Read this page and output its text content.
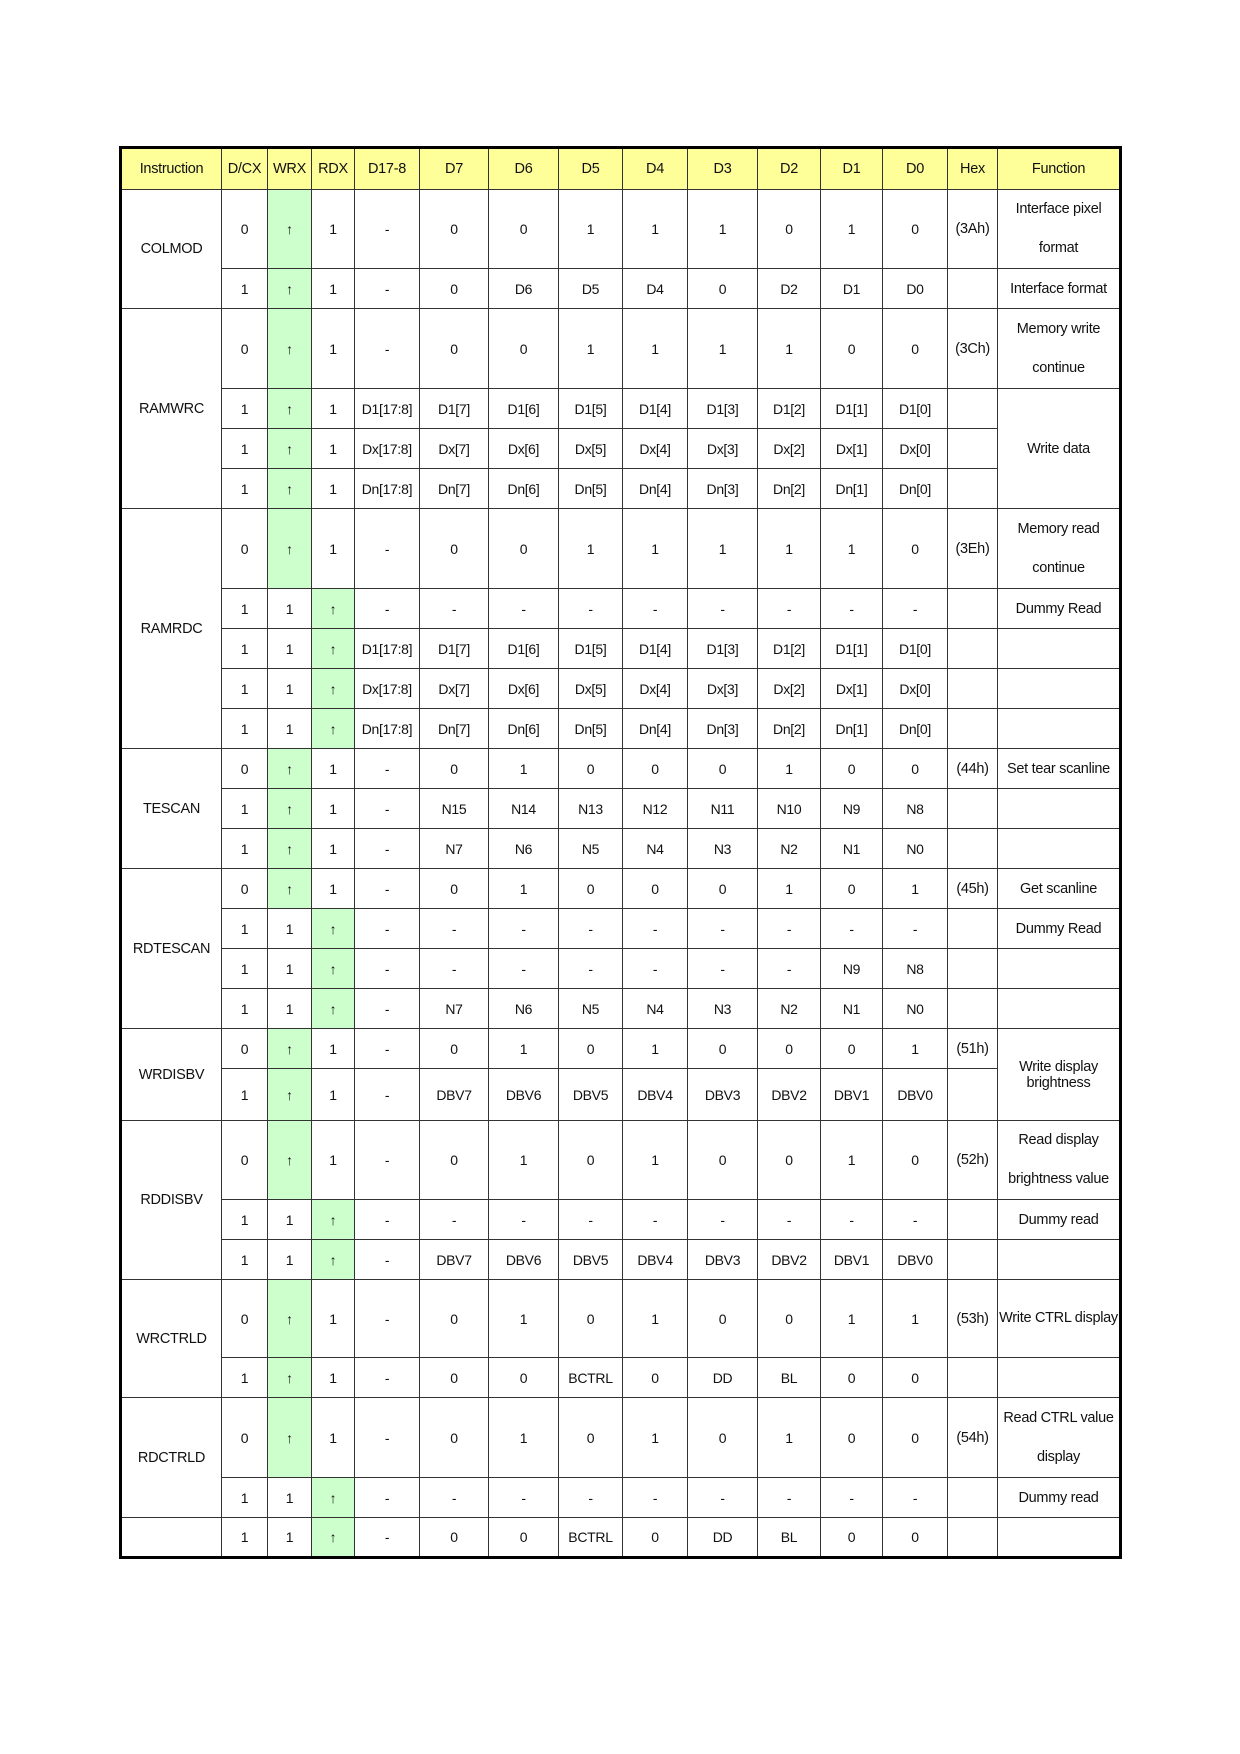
Instruction	D/CX	WRX	RDX	D17-8	D7	D6	D5	D4	D3	D2	D1	D0	Hex	Function
COLMOD	0	↑	1	-	0	0	1	1	1	0	1	0	(3Ah)	Interface pixel format
	1	↑	1	-	0	D6	D5	D4	0	D2	D1	D0		Interface format
RAMWRC	0	↑	1	-	0	0	1	1	1	1	0	0	(3Ch)	Memory write continue
	1	↑	1	D1[17:8]	D1[7]	D1[6]	D1[5]	D1[4]	D1[3]	D1[2]	D1[1]	D1[0]		Write data
	1	↑	1	Dx[17:8]	Dx[7]	Dx[6]	Dx[5]	Dx[4]	Dx[3]	Dx[2]	Dx[1]	Dx[0]		
	1	↑	1	Dn[17:8]	Dn[7]	Dn[6]	Dn[5]	Dn[4]	Dn[3]	Dn[2]	Dn[1]	Dn[0]		
RAMRDC	0	↑	1	-	0	0	1	1	1	1	1	0	(3Eh)	Memory read continue
	1	1	↑	-	-	-	-	-	-	-	-	-		Dummy Read
	1	1	↑	D1[17:8]	D1[7]	D1[6]	D1[5]	D1[4]	D1[3]	D1[2]	D1[1]	D1[0]		
	1	1	↑	Dx[17:8]	Dx[7]	Dx[6]	Dx[5]	Dx[4]	Dx[3]	Dx[2]	Dx[1]	Dx[0]		
	1	1	↑	Dn[17:8]	Dn[7]	Dn[6]	Dn[5]	Dn[4]	Dn[3]	Dn[2]	Dn[1]	Dn[0]		
TESCAN	0	↑	1	-	0	1	0	0	0	1	0	0	(44h)	Set tear scanline
	1	↑	1	-	N15	N14	N13	N12	N11	N10	N9	N8		
	1	↑	1	-	N7	N6	N5	N4	N3	N2	N1	N0		
RDTESCAN	0	↑	1	-	0	1	0	0	0	1	0	1	(45h)	Get scanline
	1	1	↑	-	-	-	-	-	-	-	-	-		Dummy Read
	1	1	↑	-	-	-	-	-	-	-	N9	N8		
	1	1	↑	-	N7	N6	N5	N4	N3	N2	N1	N0		
WRDISBV	0	↑	1	-	0	1	0	1	0	0	0	1	(51h)	Write display brightness
	1	↑	1	-	DBV7	DBV6	DBV5	DBV4	DBV3	DBV2	DBV1	DBV0		
RDDISBV	0	↑	1	-	0	1	0	1	0	0	1	0	(52h)	Read display brightness value
	1	1	↑	-	-	-	-	-	-	-	-	-		Dummy read
	1	1	↑	-	DBV7	DBV6	DBV5	DBV4	DBV3	DBV2	DBV1	DBV0		
WRCTRLD	0	↑	1	-	0	1	0	1	0	0	1	1	(53h)	Write CTRL display
	1	↑	1	-	0	0	BCTRL	0	DD	BL	0	0		
RDCTRLD	0	↑	1	-	0	1	0	1	0	1	0	0	(54h)	Read CTRL value display
	1	1	↑	-	-	-	-	-	-	-	-	-		Dummy read
	1	1	↑	-	0	0	BCTRL	0	DD	BL	0	0		
